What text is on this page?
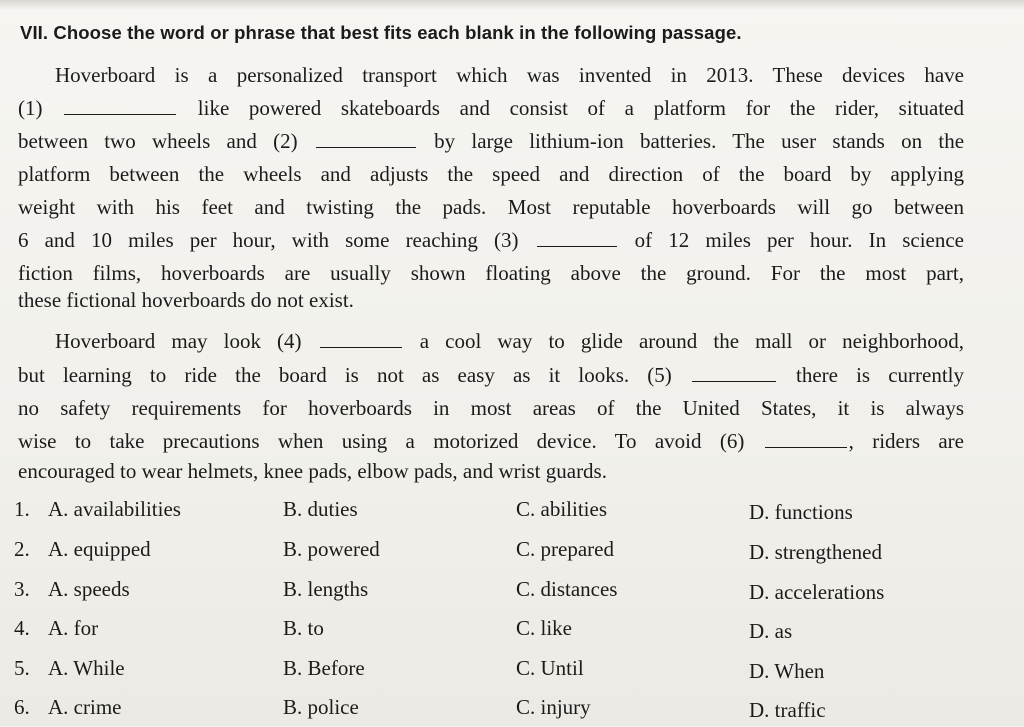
VII. Choose the word or phrase that best fits each blank in the following passage.
Hoverboard is a personalized transport which was invented in 2013. These devices have
(1)	like powered skateboards and consist of a platform for the rider, situated
between two wheels and (2)	by large lithium-ion batteries. The user stands on the
platform between the wheels and adjusts the speed and direction of the board by applying
weight with his feet and twisting the pads. Most reputable hoverboards will go between
6 and 10 miles per hour, with some reaching (3)	of 12 miles per hour. In science
fiction films, hoverboards are usually shown floating above the ground. For the most part,
these fictional hoverboards do not exist.
Hoverboard may look (4)	a cool way to glide around the mall or neighborhood,
but learning to ride the board is not as easy as it looks. (5)	there is currently
no safety requirements for hoverboards in most areas of the United States, it is always
wise to take precautions when using a motorized device. To avoid (6)	, riders are
encouraged to wear helmets, knee pads, elbow pads, and wrist guards.
1. A. availabilities	B. duties	C. abilities	D. functions
2. A. equipped	B. powered	C. prepared	D. strengthened
3. A. speeds	B. lengths	C. distances	D. accelerations
4. A. for	B. to	C. like	D. as
5. A. While	B. Before	C. Until	D. When
6. A. crime	B. police	C. injury	D. traffic
